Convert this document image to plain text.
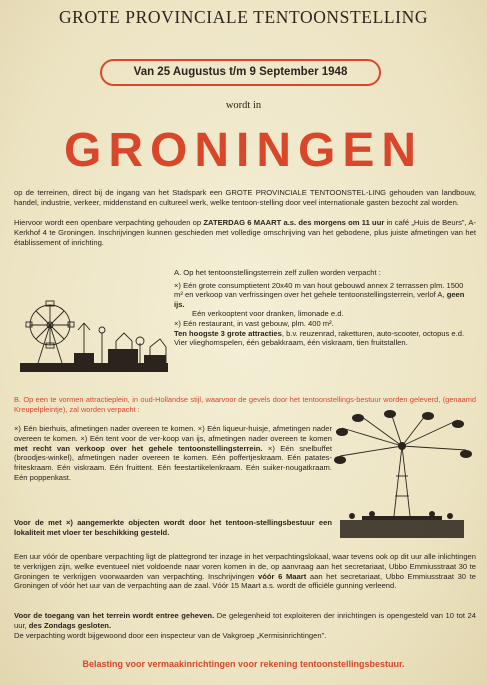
GROTE PROVINCIALE TENTOONSTELLING
Van 25 Augustus t/m 9 September 1948
wordt in
GRONINGEN

op de terreinen, direct bij de ingang van het Stadspark een GROTE PROVINCIALE TENTOONSTEL-LING gehouden van landbouw, handel, industrie, verkeer, middenstand en cultureel werk, welke tentoon-stelling door veel internationale gasten bezocht zal worden.

Hiervoor wordt een openbare verpachting gehouden op ZATERDAG 6 MAART a.s. des morgens om 11 uur in café „Huis de Beurs”, A-Kerkhof 4 te Groningen. Inschrijvingen kunnen geschieden met volledige omschrijving van het gebodene, plus juiste afmetingen van het établissement of inrichting.

A. Op het tentoonstellingsterrein zelf zullen worden verpacht :
×) Eén grote consumptietent 20x40 m van hout gebouwd annex 2 terrassen plm. 1500 m² en verkoop van verfrissingen over het gehele tentoonstellingsterrein, verlof A, geen ijs.
Eén verkooptent voor dranken, limonade e.d.
×) Eén restaurant, in vast gebouw, plm. 400 m².
Ten hoogste 3 grote attracties, b.v. reuzenrad, raketturen, auto-scooter, octopus e.d.
Vier vlieghomspelen, één gebakkraam, één viskraam, tien fruitstallen.

B. Op een te vormen attractieplein, in oud-Hollandse stijl, waarvoor de gevels door het tentoonstellings-bestuur worden geleverd, (genaamd Kreupelpleintje), zal worden verpacht :

×) Eén bierhuis, afmetingen nader overeen te komen. ×) Eén liqueur-huisje, afmetingen nader overeen te komen. ×) Eén tent voor de ver-koop van ijs, afmetingen nader overeen te komen met recht van verkoop over het gehele tentoonstellingsterrein. ×) Eén snelbuffet (broodjes-winkel), afmetingen nader overeen te komen. Eén poffertjeskraam. Eén patates-friteskraam. Eén viskraam. Eén fruittent. Eén feestartikelenkraam. Eén suiker-nougatkraam. Eén poppenkast.

Voor de met ×) aangemerkte objecten wordt door het tentoon-stellingsbestuur een lokaliteit met vloer ter beschikking gesteld.

Een uur vóór de openbare verpachting ligt de plattegrond ter inzage in het verpachtingslokaal, waar tevens ook op dit uur alle inlichtingen te verkrijgen zijn, welke eventueel niet voldoende naar voren komen in de, op aanvraag aan het secretariaat, Ubbo Emmiusstraat 30 te Groningen te verkrijgen voorwaarden van verpachting. Inschrijvingen vóór 6 Maart aan het secretariaat, Ubbo Emmiusstraat 30 te Groningen of vóór het uur van de verpachting aan de zaal. Vóór 15 Maart a.s. wordt de officiële gunning verleend.

Voor de toegang van het terrein wordt entree geheven. De gelegenheid tot exploiteren der inrichtingen is opengesteld van 10 tot 24 uur, des Zondags gesloten.

De verpachting wordt bijgewoond door een inspecteur van de Vakgroep „Kermisinrichtingen”.

Belasting voor vermaakinrichtingen voor rekening tentoonstellingsbestuur.
